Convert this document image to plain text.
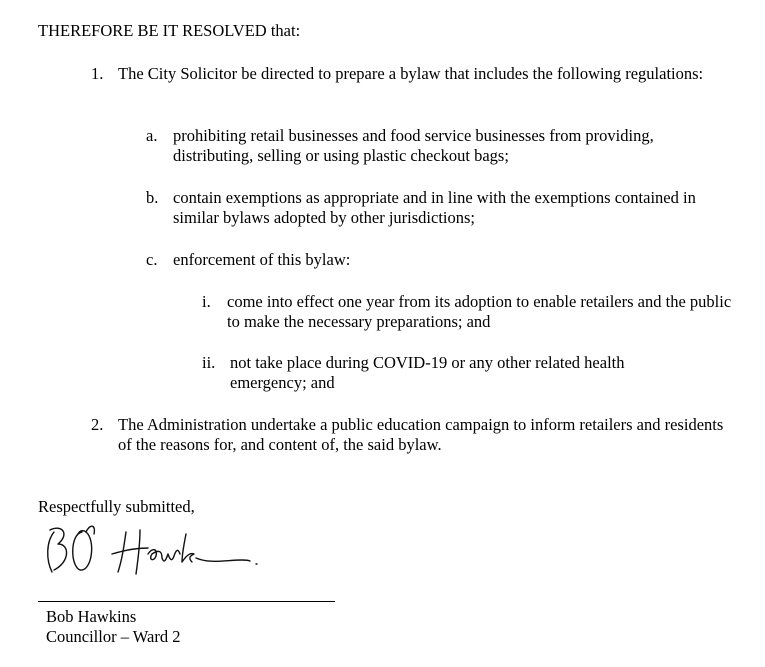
THEREFORE BE IT RESOLVED that:
1. The City Solicitor be directed to prepare a bylaw that includes the following regulations:
a. prohibiting retail businesses and food service businesses from providing, distributing, selling or using plastic checkout bags;
b. contain exemptions as appropriate and in line with the exemptions contained in similar bylaws adopted by other jurisdictions;
c. enforcement of this bylaw:
i. come into effect one year from its adoption to enable retailers and the public to make the necessary preparations; and
ii. not take place during COVID-19 or any other related health emergency; and
2. The Administration undertake a public education campaign to inform retailers and residents of the reasons for, and content of, the said bylaw.
Respectfully submitted,
Bob Hawkins
Councillor – Ward 2
